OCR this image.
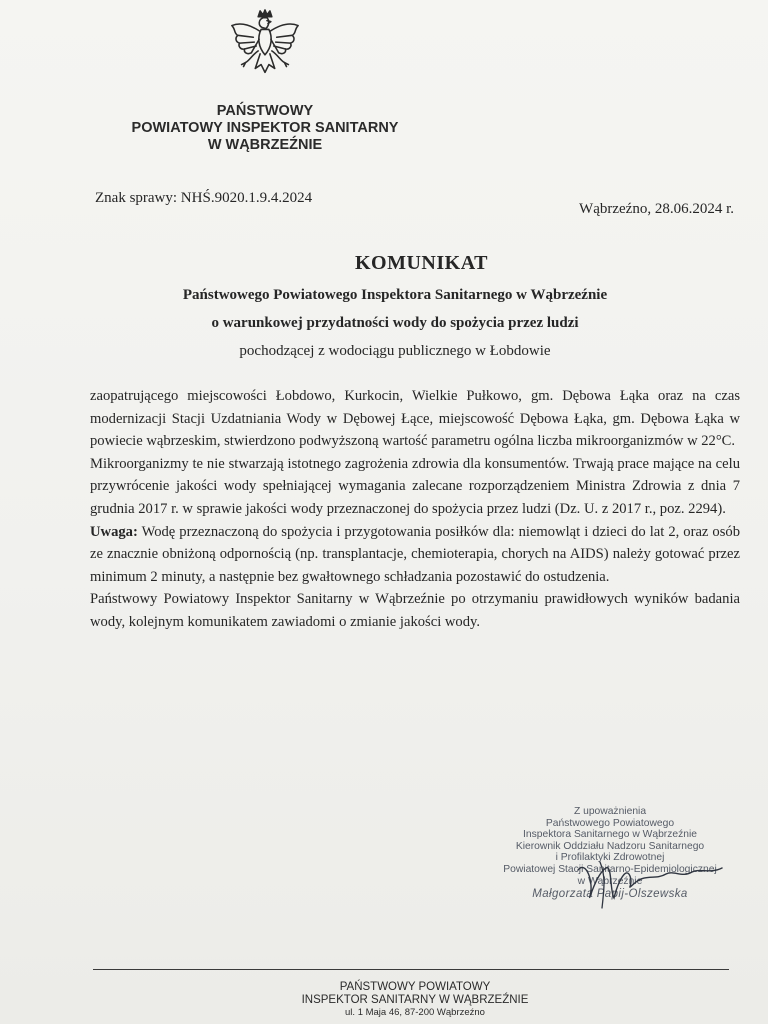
PAŃSTWOWY
POWIATOWY INSPEKTOR SANITARNY
W WĄBRZEŹNIE
Znak sprawy: NHŚ.9020.1.9.4.2024
Wąbrzeźno, 28.06.2024 r.
KOMUNIKAT
Państwowego Powiatowego Inspektora Sanitarnego w Wąbrzeźnie
o warunkowej przydatności wody do spożycia przez ludzi
pochodzącej z wodociągu publicznego w Łobdowie

zaopatrującego miejscowości Łobdowo, Kurkocin, Wielkie Pułkowo, gm. Dębowa Łąka oraz na czas modernizacji Stacji Uzdatniania Wody w Dębowej Łące, miejscowość Dębowa Łąka, gm. Dębowa Łąka w powiecie wąbrzeskim, stwierdzono podwyższoną wartość parametru ogólna liczba mikroorganizmów w 22°C.

Mikroorganizmy te nie stwarzają istotnego zagrożenia zdrowia dla konsumentów. Trwają prace mające na celu przywrócenie jakości wody spełniającej wymagania zalecane rozporządzeniem Ministra Zdrowia z dnia 7 grudnia 2017 r. w sprawie jakości wody przeznaczonej do spożycia przez ludzi (Dz. U. z 2017 r., poz. 2294).

Uwaga: Wodę przeznaczoną do spożycia i przygotowania posiłków dla: niemowląt i dzieci do lat 2, oraz osób ze znacznie obniżoną odpornością (np. transplantacje, chemioterapia, chorych na AIDS) należy gotować przez minimum 2 minuty, a następnie bez gwałtownego schładzania pozostawić do ostudzenia.

Państwowy Powiatowy Inspektor Sanitarny w Wąbrzeźnie po otrzymaniu prawidłowych wyników badania wody, kolejnym komunikatem zawiadomi o zmianie jakości wody.

Z upoważnienia
Państwowego Powiatowego
Inspektora Sanitarnego w Wąbrzeźnie
Kierownik Oddziału Nadzoru Sanitarnego
i Profilaktyki Zdrowotnej
Powiatowej Stacji Sanitarno-Epidemiologicznej
w Wąbrzeźnie
Małgorzata Papij-Olszewska
PAŃSTWOWY POWIATOWY
INSPEKTOR SANITARNY W WĄBRZEŹNIE
ul. 1 Maja 46, 87-200 Wąbrzeźno
